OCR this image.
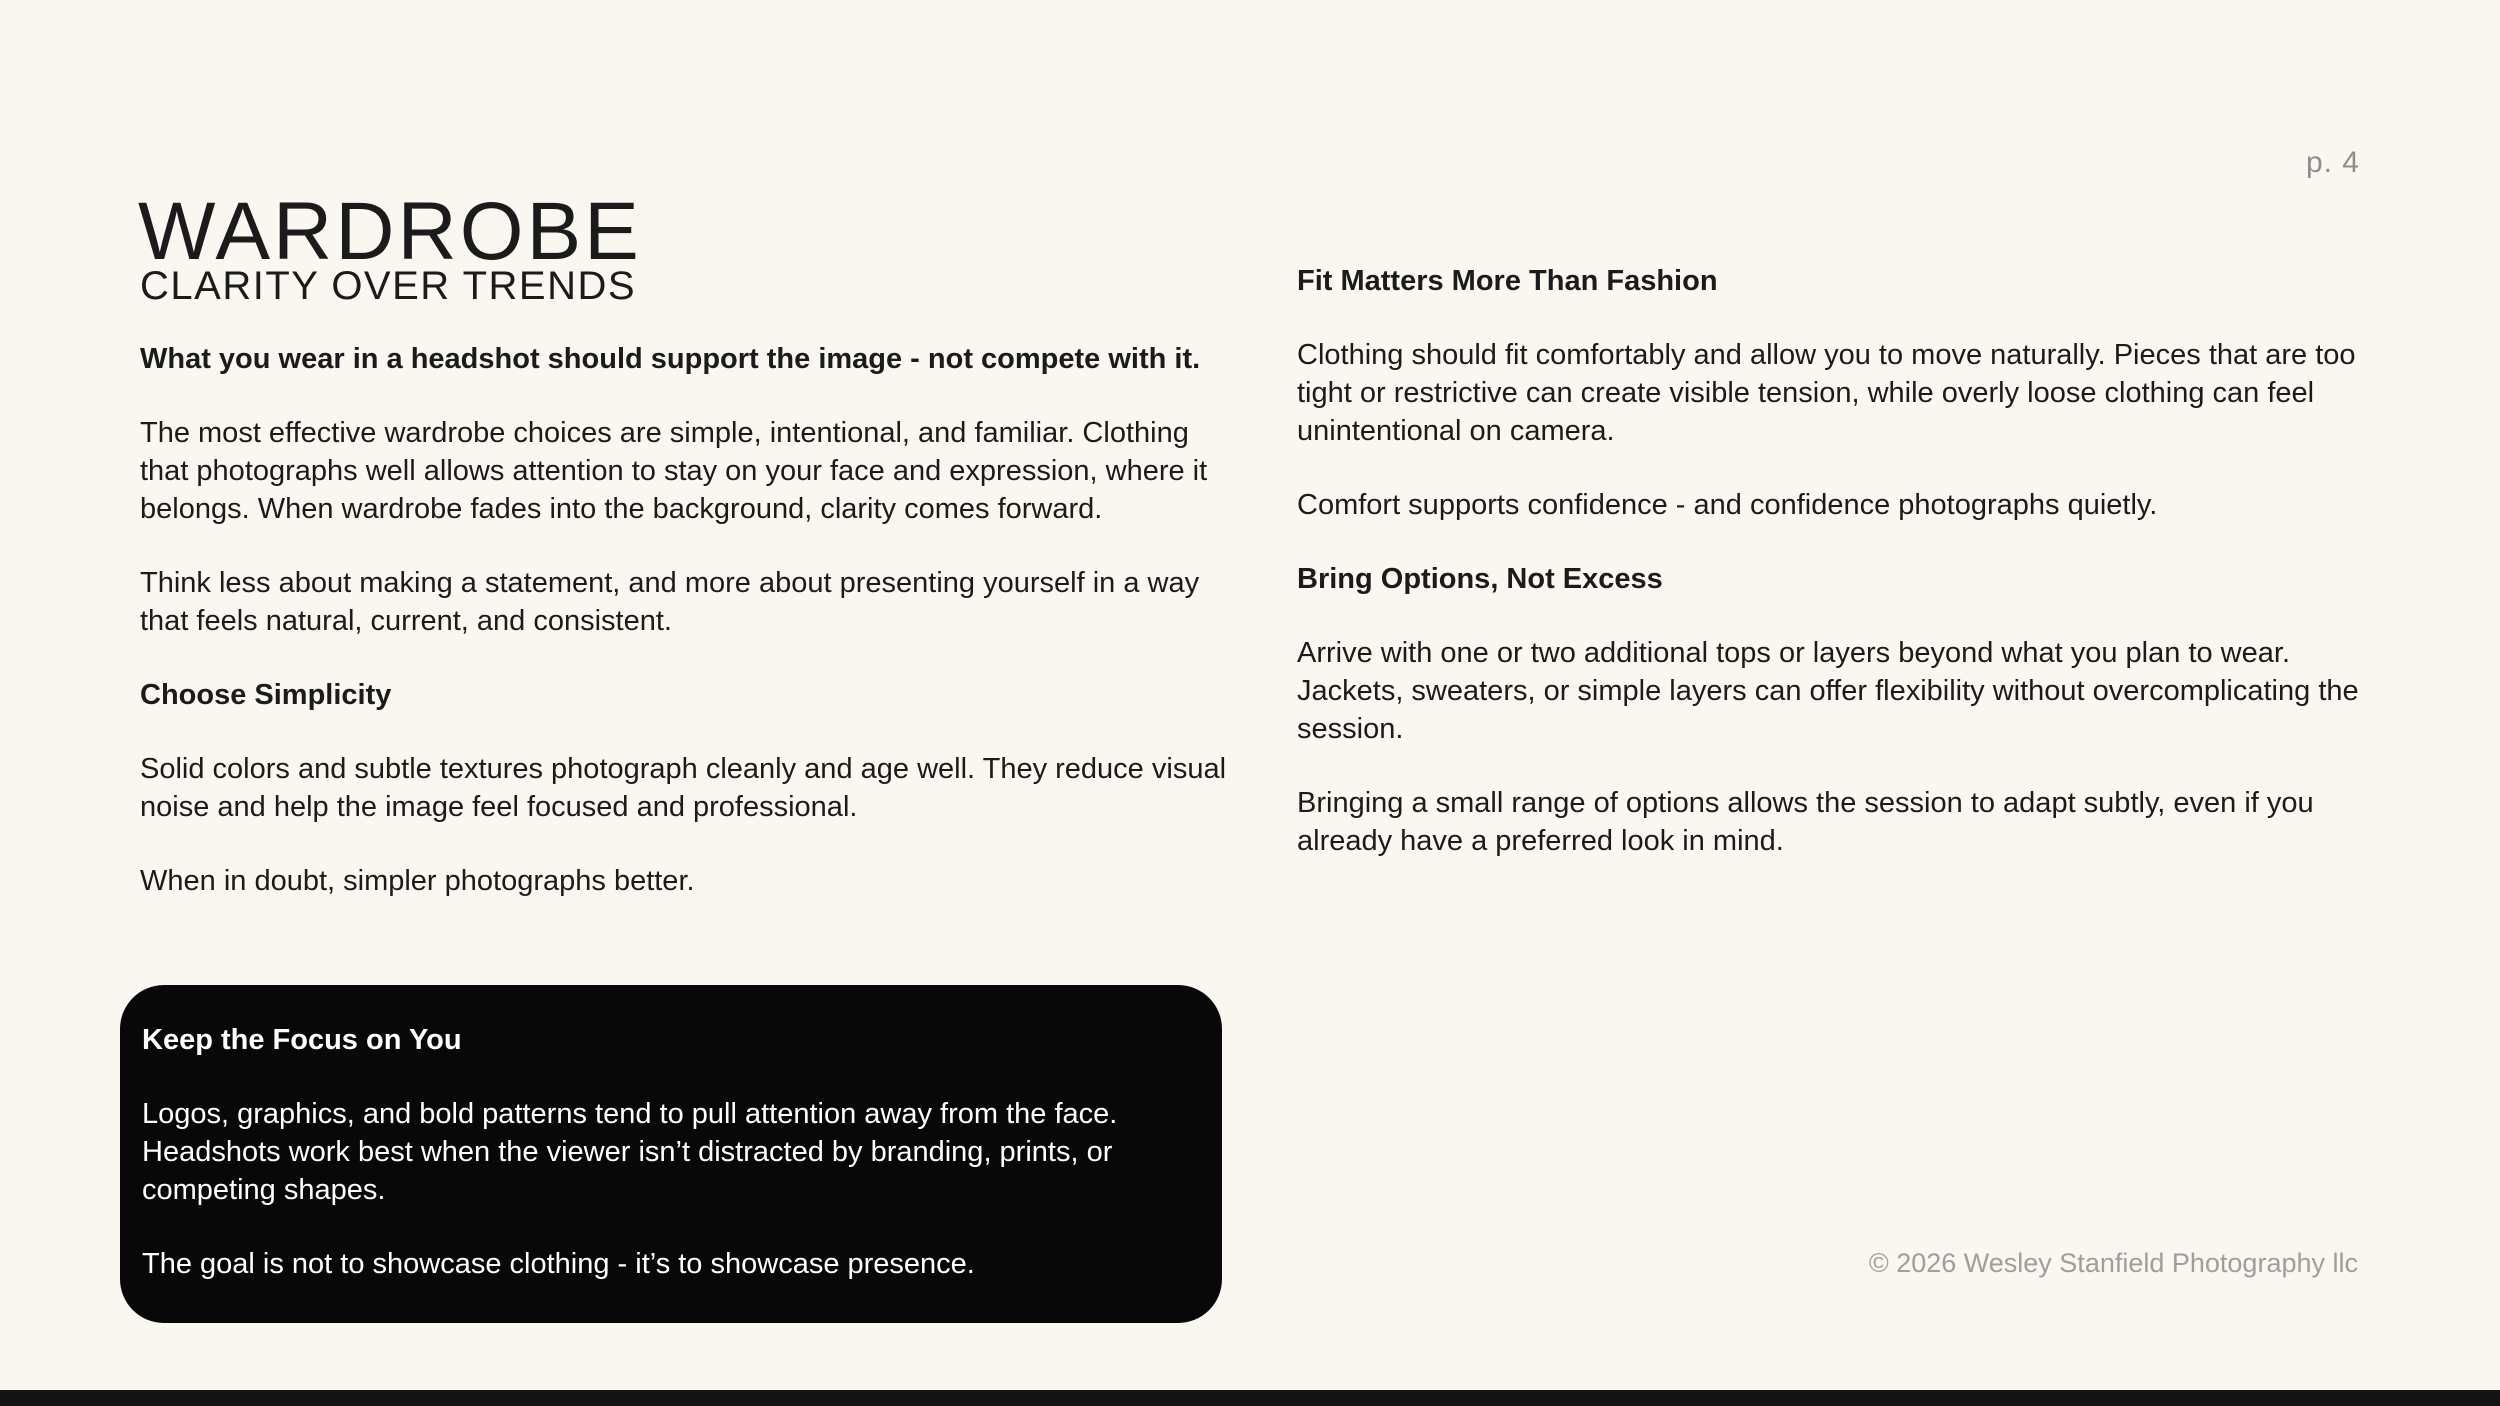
WARDROBE
p. 4
CLARITY OVER TRENDS

What you wear in a headshot should support the image - not compete with it.

The most effective wardrobe choices are simple, intentional, and familiar. Clothing that photographs well allows attention to stay on your face and expression, where it belongs. When wardrobe fades into the background, clarity comes forward.

Think less about making a statement, and more about presenting yourself in a way that feels natural, current, and consistent.

Choose Simplicity

Solid colors and subtle textures photograph cleanly and age well. They reduce visual noise and help the image feel focused and professional.

When in doubt, simpler photographs better.

Keep the Focus on You

Logos, graphics, and bold patterns tend to pull attention away from the face. Headshots work best when the viewer isn’t distracted by branding, prints, or competing shapes.

The goal is not to showcase clothing - it’s to showcase presence.

Fit Matters More Than Fashion

Clothing should fit comfortably and allow you to move naturally. Pieces that are too tight or restrictive can create visible tension, while overly loose clothing can feel unintentional on camera.

Comfort supports confidence - and confidence photographs quietly.

Bring Options, Not Excess

Arrive with one or two additional tops or layers beyond what you plan to wear. Jackets, sweaters, or simple layers can offer flexibility without overcomplicating the session.

Bringing a small range of options allows the session to adapt subtly, even if you already have a preferred look in mind.

© 2026 Wesley Stanfield Photography llc
